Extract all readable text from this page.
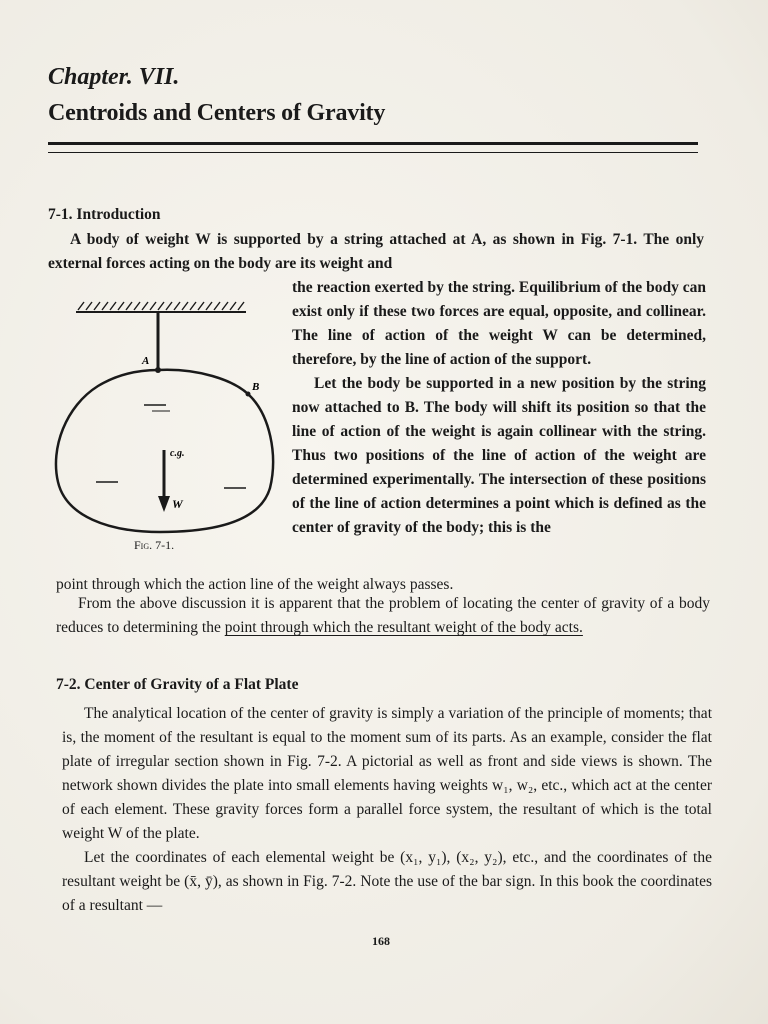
Chapter. VII.
Centroids and Centers of Gravity
7-1. Introduction

A body of weight W is supported by a string attached at A, as shown in Fig. 7-1. The only external forces acting on the body are its weight and

A
B
c.g.
W
Fig. 7-1.

the reaction exerted by the string. Equilibrium of the body can exist only if these two forces are equal, opposite, and collinear. The line of action of the weight W can be determined, therefore, by the line of action of the support.

Let the body be supported in a new position by the string now attached to B. The body will shift its position so that the line of action of the weight is again collinear with the string. Thus two positions of the line of action of the weight are determined experimentally. The intersection of these positions of the line of action determines a point which is defined as the center of gravity of the body; this is the

point through which the action line of the weight always passes.

From the above discussion it is apparent that the problem of locating the center of gravity of a body reduces to determining the point through which the resultant weight of the body acts.

7-2. Center of Gravity of a Flat Plate

The analytical location of the center of gravity is simply a variation of the principle of moments; that is, the moment of the resultant is equal to the moment sum of its parts. As an example, consider the flat plate of irregular section shown in Fig. 7-2. A pictorial as well as front and side views is shown. The network shown divides the plate into small elements having weights w₁, w₂, etc., which act at the center of each element. These gravity forces form a parallel force system, the resultant of which is the total weight W of the plate.

Let the coordinates of each elemental weight be (x₁, y₁), (x₂, y₂), etc., and the coordinates of the resultant weight be (x̄, ȳ), as shown in Fig. 7-2. Note the use of the bar sign. In this book the coordinates of a resultant —

168
